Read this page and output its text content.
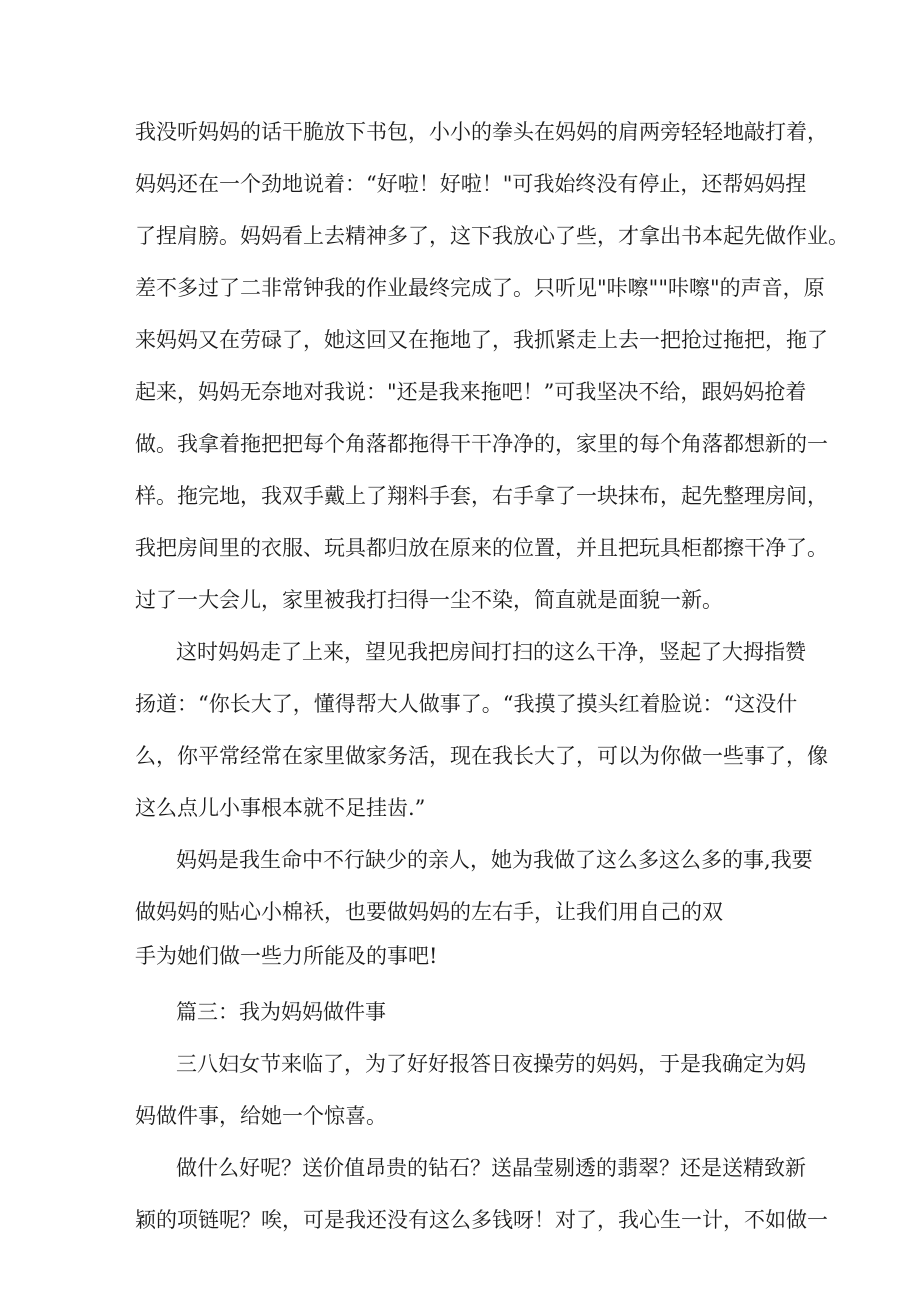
我没听妈妈的话干脆放下书包，小小的拳头在妈妈的肩两旁轻轻地敲打着，
妈妈还在一个劲地说着：“好啦！好啦！"可我始终没有停止，还帮妈妈捏
了捏肩膀。妈妈看上去精神多了，这下我放心了些，才拿出书本起先做作业。
差不多过了二非常钟我的作业最终完成了。只听见"咔嚓""咔嚓"的声音，原
来妈妈又在劳碌了，她这回又在拖地了，我抓紧走上去一把抢过拖把，拖了
起来，妈妈无奈地对我说："还是我来拖吧！”可我坚决不给，跟妈妈抢着
做。我拿着拖把把每个角落都拖得干干净净的，家里的每个角落都想新的一
样。拖完地，我双手戴上了翔料手套，右手拿了一块抹布，起先整理房间，
我把房间里的衣服、玩具都归放在原来的位置，并且把玩具柜都擦干净了。
过了一大会儿，家里被我打扫得一尘不染，简直就是面貌一新。
这时妈妈走了上来，望见我把房间打扫的这么干净，竖起了大拇指赞
扬道：“你长大了，懂得帮大人做事了。“我摸了摸头红着脸说：“这没什
么，你平常经常在家里做家务活，现在我长大了，可以为你做一些事了，像
这么点儿小事根本就不足挂齿.”
妈妈是我生命中不行缺少的亲人，她为我做了这么多这么多的事,我要
做妈妈的贴心小棉袄，也要做妈妈的左右手，让我们用自己的双
手为她们做一些力所能及的事吧!
篇三：我为妈妈做件事
三八妇女节来临了，为了好好报答日夜操劳的妈妈，于是我确定为妈
妈做件事，给她一个惊喜。
做什么好呢？送价值昂贵的钻石？送晶莹剔透的翡翠？还是送精致新
颖的项链呢？唉，可是我还没有这么多钱呀！对了，我心生一计，不如做一
